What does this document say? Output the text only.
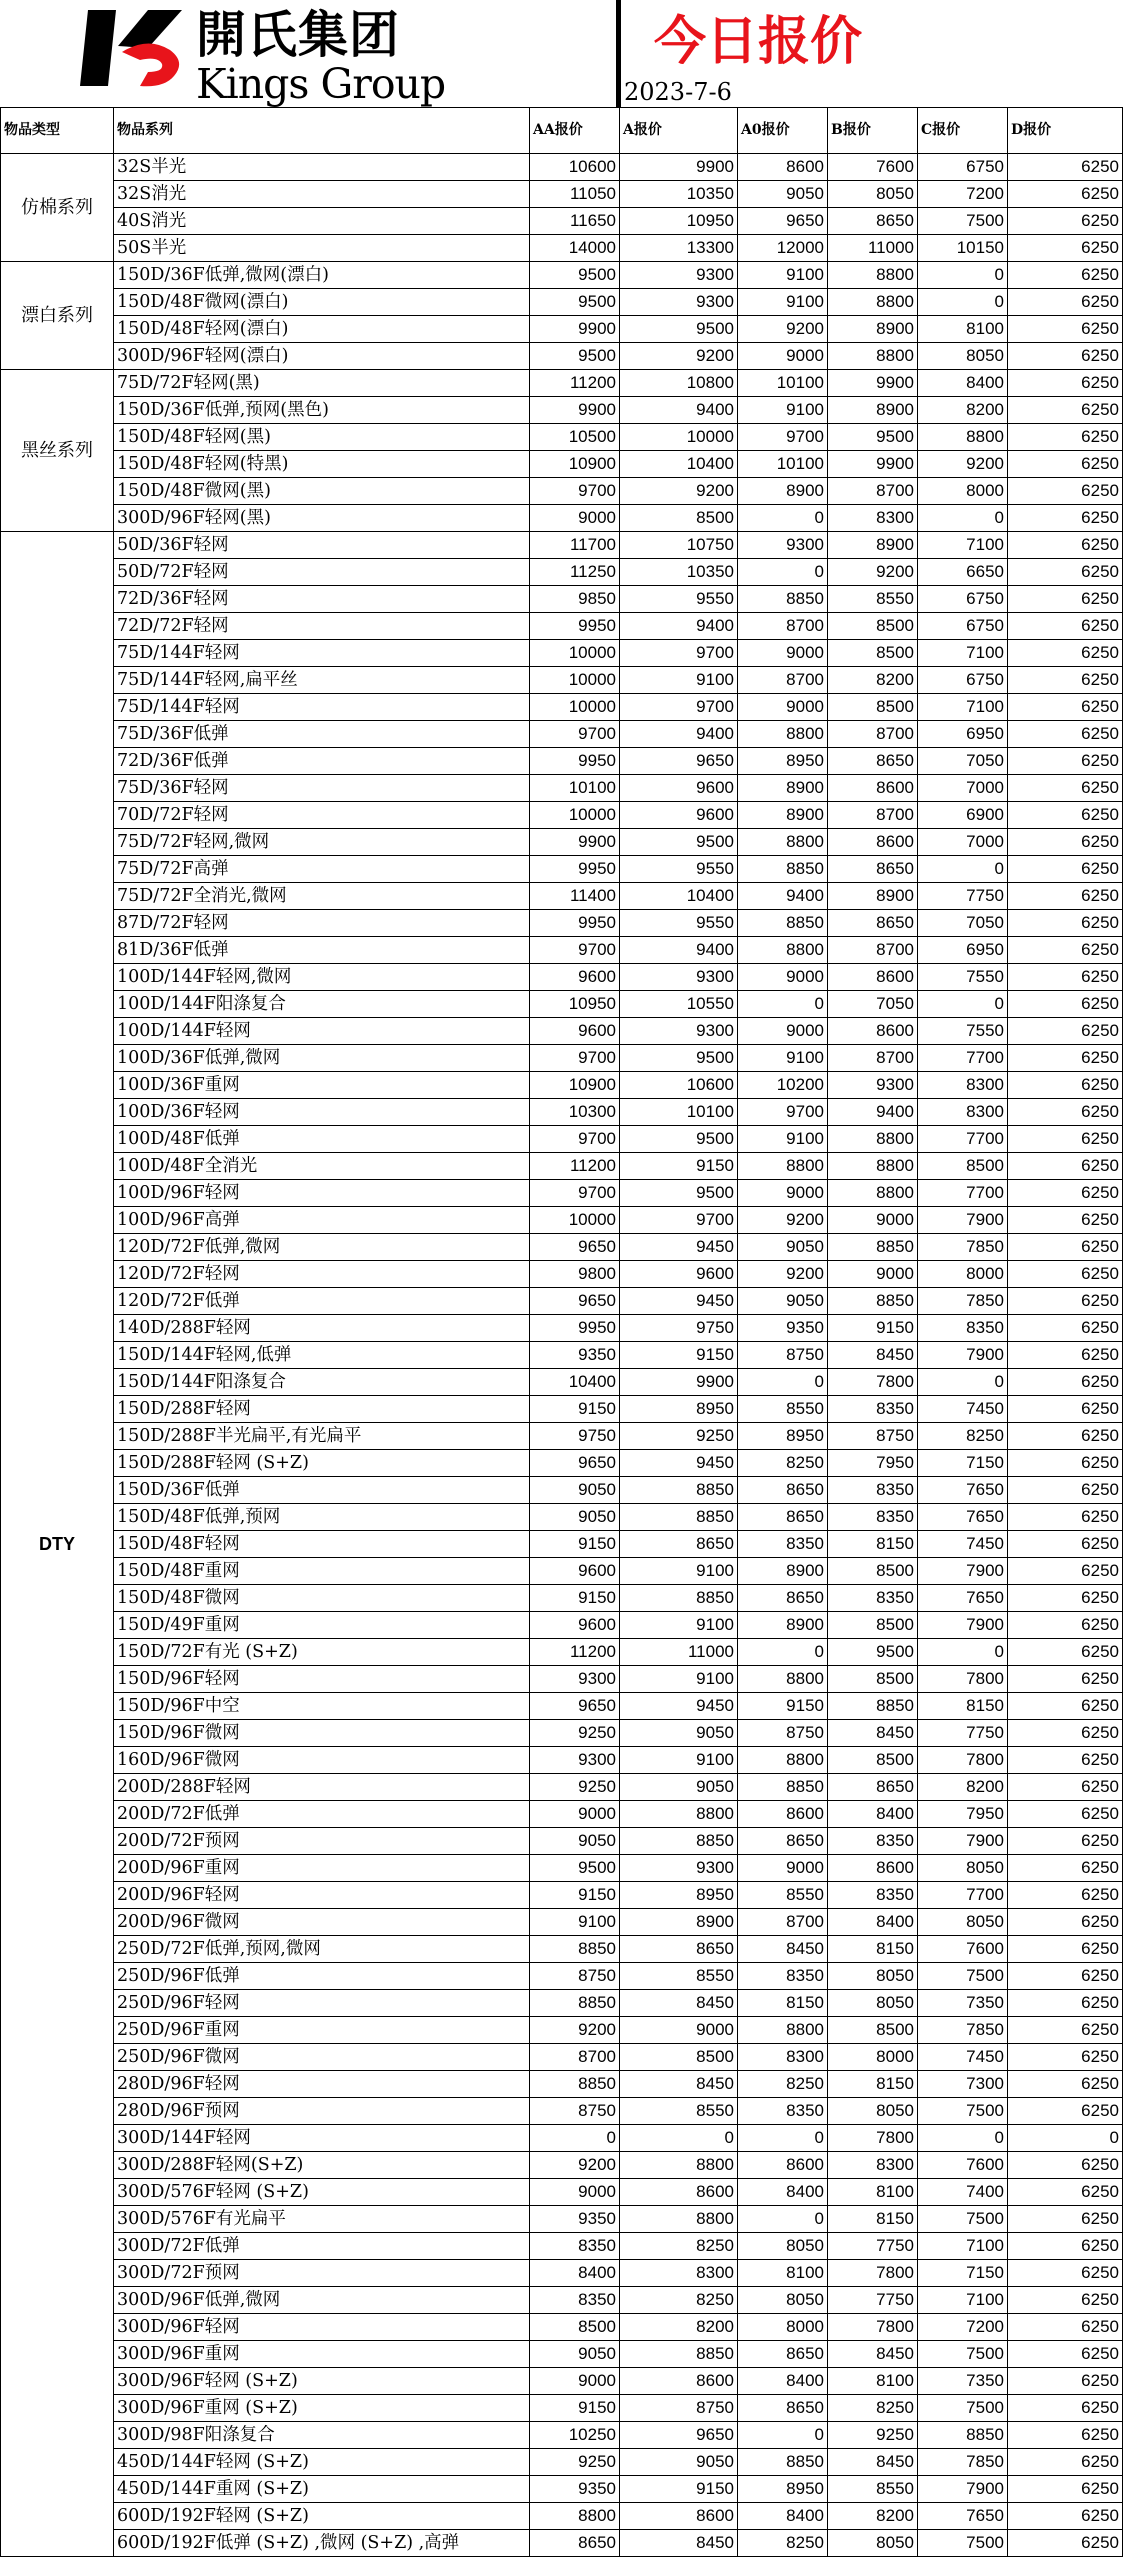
開氏集团
Kings Group
今日报价
2023-7-6
物品类型	物品系列	AA报价	A报价	A0报价	B报价	C报价	D报价
仿棉系列	32S半光	10600	9900	8600	7600	6750	6250
	32S消光	11050	10350	9050	8050	7200	6250
	40S消光	11650	10950	9650	8650	7500	6250
	50S半光	14000	13300	12000	11000	10150	6250
漂白系列	150D/36F低弹,微网(漂白)	9500	9300	9100	8800	0	6250
	150D/48F微网(漂白)	9500	9300	9100	8800	0	6250
	150D/48F轻网(漂白)	9900	9500	9200	8900	8100	6250
	300D/96F轻网(漂白)	9500	9200	9000	8800	8050	6250
黑丝系列	75D/72F轻网(黑)	11200	10800	10100	9900	8400	6250
	150D/36F低弹,预网(黑色)	9900	9400	9100	8900	8200	6250
	150D/48F轻网(黑)	10500	10000	9700	9500	8800	6250
	150D/48F轻网(特黑)	10900	10400	10100	9900	9200	6250
	150D/48F微网(黑)	9700	9200	8900	8700	8000	6250
	300D/96F轻网(黑)	9000	8500	0	8300	0	6250
DTY	50D/36F轻网	11700	10750	9300	8900	7100	6250
	50D/72F轻网	11250	10350	0	9200	6650	6250
	72D/36F轻网	9850	9550	8850	8550	6750	6250
	72D/72F轻网	9950	9400	8700	8500	6750	6250
	75D/144F轻网	10000	9700	9000	8500	7100	6250
	75D/144F轻网,扁平丝	10000	9100	8700	8200	6750	6250
	75D/144F轻网	10000	9700	9000	8500	7100	6250
	75D/36F低弹	9700	9400	8800	8700	6950	6250
	72D/36F低弹	9950	9650	8950	8650	7050	6250
	75D/36F轻网	10100	9600	8900	8600	7000	6250
	70D/72F轻网	10000	9600	8900	8700	6900	6250
	75D/72F轻网,微网	9900	9500	8800	8600	7000	6250
	75D/72F高弹	9950	9550	8850	8650	0	6250
	75D/72F全消光,微网	11400	10400	9400	8900	7750	6250
	87D/72F轻网	9950	9550	8850	8650	7050	6250
	81D/36F低弹	9700	9400	8800	8700	6950	6250
	100D/144F轻网,微网	9600	9300	9000	8600	7550	6250
	100D/144F阳涤复合	10950	10550	0	7050	0	6250
	100D/144F轻网	9600	9300	9000	8600	7550	6250
	100D/36F低弹,微网	9700	9500	9100	8700	7700	6250
	100D/36F重网	10900	10600	10200	9300	8300	6250
	100D/36F轻网	10300	10100	9700	9400	8300	6250
	100D/48F低弹	9700	9500	9100	8800	7700	6250
	100D/48F全消光	11200	9150	8800	8800	8500	6250
	100D/96F轻网	9700	9500	9000	8800	7700	6250
	100D/96F高弹	10000	9700	9200	9000	7900	6250
	120D/72F低弹,微网	9650	9450	9050	8850	7850	6250
	120D/72F轻网	9800	9600	9200	9000	8000	6250
	120D/72F低弹	9650	9450	9050	8850	7850	6250
	140D/288F轻网	9950	9750	9350	9150	8350	6250
	150D/144F轻网,低弹	9350	9150	8750	8450	7900	6250
	150D/144F阳涤复合	10400	9900	0	7800	0	6250
	150D/288F轻网	9150	8950	8550	8350	7450	6250
	150D/288F半光扁平,有光扁平	9750	9250	8950	8750	8250	6250
	150D/288F轻网 (S+Z)	9650	9450	8250	7950	7150	6250
	150D/36F低弹	9050	8850	8650	8350	7650	6250
	150D/48F低弹,预网	9050	8850	8650	8350	7650	6250
	150D/48F轻网	9150	8650	8350	8150	7450	6250
	150D/48F重网	9600	9100	8900	8500	7900	6250
	150D/48F微网	9150	8850	8650	8350	7650	6250
	150D/49F重网	9600	9100	8900	8500	7900	6250
	150D/72F有光 (S+Z)	11200	11000	0	9500	0	6250
	150D/96F轻网	9300	9100	8800	8500	7800	6250
	150D/96F中空	9650	9450	9150	8850	8150	6250
	150D/96F微网	9250	9050	8750	8450	7750	6250
	160D/96F微网	9300	9100	8800	8500	7800	6250
	200D/288F轻网	9250	9050	8850	8650	8200	6250
	200D/72F低弹	9000	8800	8600	8400	7950	6250
	200D/72F预网	9050	8850	8650	8350	7900	6250
	200D/96F重网	9500	9300	9000	8600	8050	6250
	200D/96F轻网	9150	8950	8550	8350	7700	6250
	200D/96F微网	9100	8900	8700	8400	8050	6250
	250D/72F低弹,预网,微网	8850	8650	8450	8150	7600	6250
	250D/96F低弹	8750	8550	8350	8050	7500	6250
	250D/96F轻网	8850	8450	8150	8050	7350	6250
	250D/96F重网	9200	9000	8800	8500	7850	6250
	250D/96F微网	8700	8500	8300	8000	7450	6250
	280D/96F轻网	8850	8450	8250	8150	7300	6250
	280D/96F预网	8750	8550	8350	8050	7500	6250
	300D/144F轻网	0	0	0	7800	0	0
	300D/288F轻网(S+Z)	9200	8800	8600	8300	7600	6250
	300D/576F轻网 (S+Z)	9000	8600	8400	8100	7400	6250
	300D/576F有光扁平	9350	8800	0	8150	7500	6250
	300D/72F低弹	8350	8250	8050	7750	7100	6250
	300D/72F预网	8400	8300	8100	7800	7150	6250
	300D/96F低弹,微网	8350	8250	8050	7750	7100	6250
	300D/96F轻网	8500	8200	8000	7800	7200	6250
	300D/96F重网	9050	8850	8650	8450	7500	6250
	300D/96F轻网 (S+Z)	9000	8600	8400	8100	7350	6250
	300D/96F重网 (S+Z)	9150	8750	8650	8250	7500	6250
	300D/98F阳涤复合	10250	9650	0	9250	8850	6250
	450D/144F轻网 (S+Z)	9250	9050	8850	8450	7850	6250
	450D/144F重网 (S+Z)	9350	9150	8950	8550	7900	6250
	600D/192F轻网 (S+Z)	8800	8600	8400	8200	7650	6250
	600D/192F低弹 (S+Z) ,微网 (S+Z) ,高弹	8650	8450	8250	8050	7500	6250
